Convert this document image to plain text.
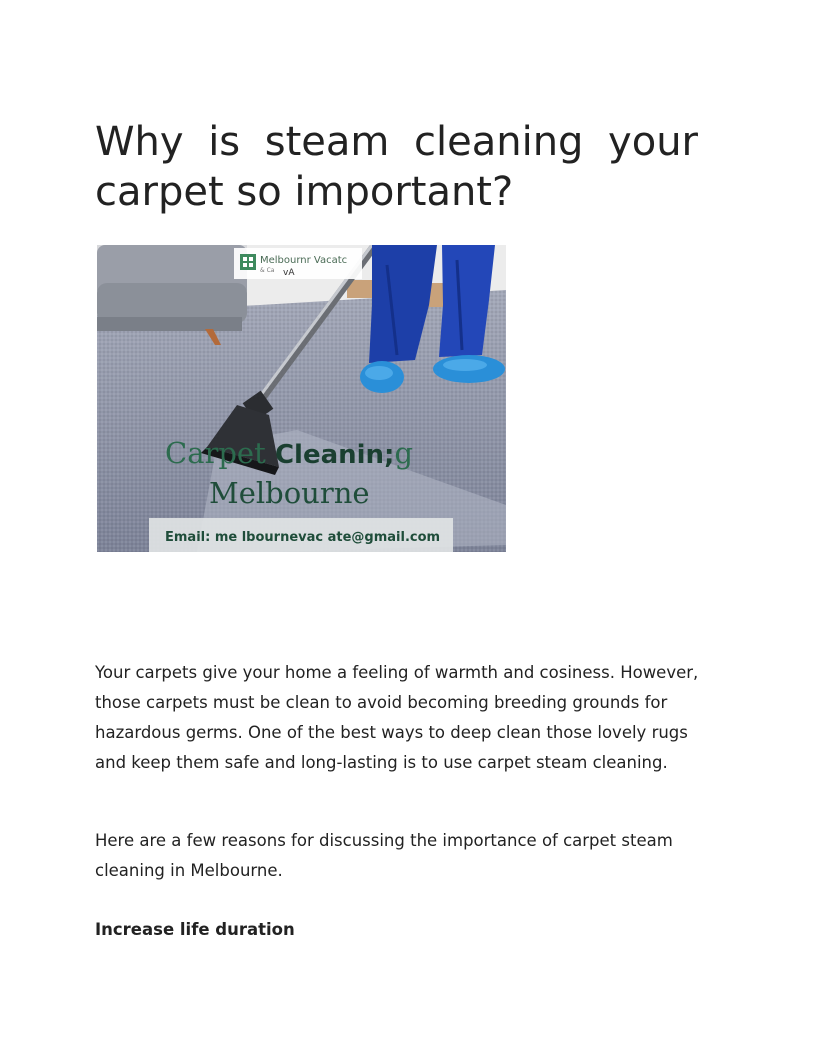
Why is steam cleaning your carpet so important?
Melbournr Vacatc
& Ca vA
Carpet Cleanin;g
Melbourne
Email: me lbournevac ate@gmail.com

Your carpets give your home a feeling of warmth and cosiness. However, those carpets must be clean to avoid becoming breeding grounds for hazardous germs. One of the best ways to deep clean those lovely rugs and keep them safe and long-lasting is to use carpet steam cleaning.

Here are a few reasons for discussing the importance of carpet steam cleaning in Melbourne.

Increase life duration
